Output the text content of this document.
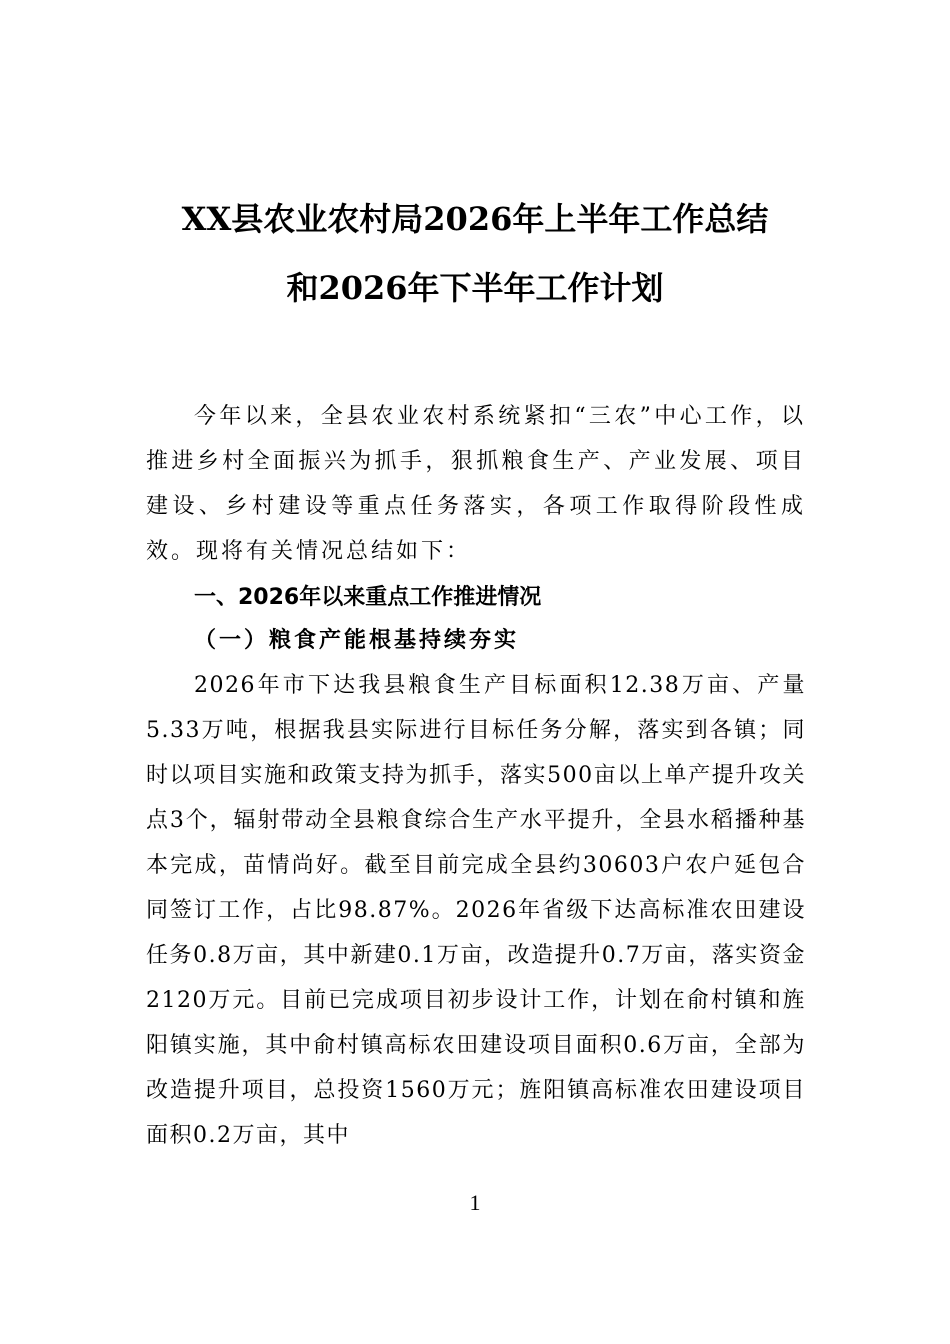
XX县农业农村局2026年上半年工作总结
和2026年下半年工作计划

今年以来，全县农业农村系统紧扣“三农”中心工作，以推进乡村全面振兴为抓手，狠抓粮食生产、产业发展、项目建设、乡村建设等重点任务落实，各项工作取得阶段性成效。现将有关情况总结如下：

一、2026年以来重点工作推进情况
（一）粮食产能根基持续夯实

2026年市下达我县粮食生产目标面积12.38万亩、产量5.33万吨，根据我县实际进行目标任务分解，落实到各镇；同时以项目实施和政策支持为抓手，落实500亩以上单产提升攻关点3个，辐射带动全县粮食综合生产水平提升，全县水稻播种基本完成，苗情尚好。截至目前完成全县约30603户农户延包合同签订工作，占比98.87%。2026年省级下达高标准农田建设任务0.8万亩，其中新建0.1万亩，改造提升0.7万亩，落实资金2120万元。目前已完成项目初步设计工作，计划在俞村镇和旌阳镇实施，其中俞村镇高标农田建设项目面积0.6万亩，全部为改造提升项目，总投资1560万元；旌阳镇高标准农田建设项目面积0.2万亩，其中

1
